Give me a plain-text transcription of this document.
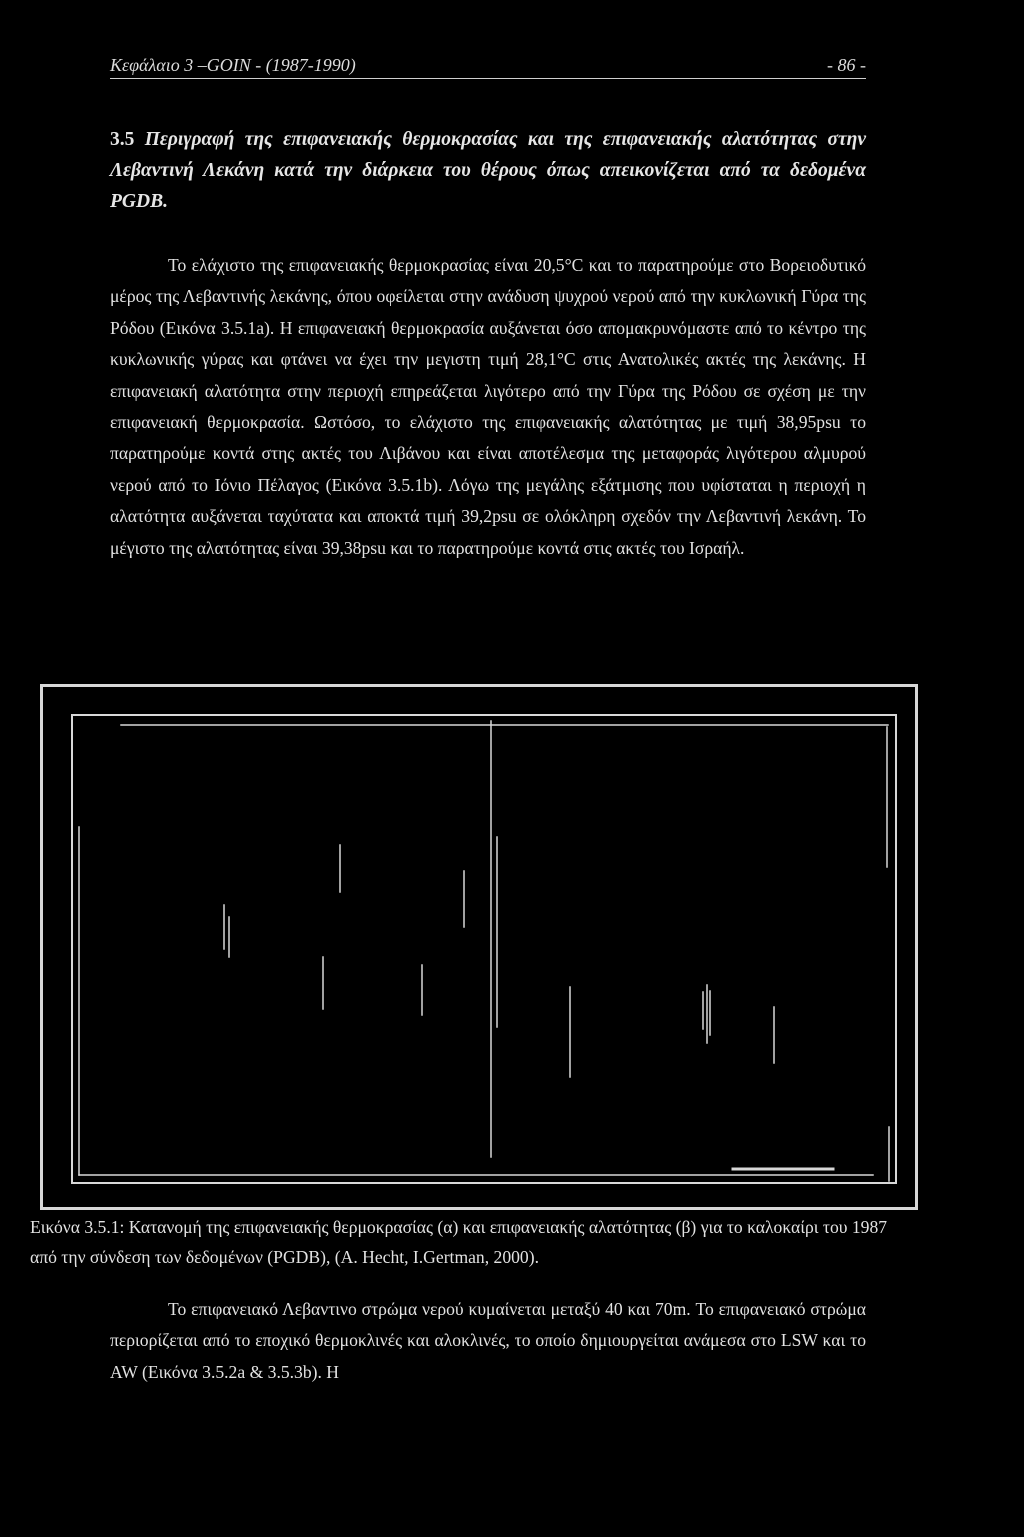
Κεφάλαιο 3 –GOIN - (1987-1990)	- 86 -
3.5 Περιγραφή της επιφανειακής θερμοκρασίας και της επιφανειακής αλατότητας στην Λεβαντινή Λεκάνη κατά την διάρκεια του θέρους όπως απεικονίζεται από τα δεδομένα PGDB.

Το ελάχιστο της επιφανειακής θερμοκρασίας είναι 20,5°C και το παρατηρούμε στο Βορειοδυτικό μέρος της Λεβαντινής λεκάνης, όπου οφείλεται στην ανάδυση ψυχρού νερού από την κυκλωνική Γύρα της Ρόδου (Εικόνα 3.5.1a). Η επιφανειακή θερμοκρασία αυξάνεται όσο απομακρυνόμαστε από το κέντρο της κυκλωνικής γύρας και φτάνει να έχει την μεγιστη τιμή 28,1°C στις Ανατολικές ακτές της λεκάνης. Η επιφανειακή αλατότητα στην περιοχή επηρεάζεται λιγότερο από την Γύρα της Ρόδου σε σχέση με την επιφανειακή θερμοκρασία. Ωστόσο, το ελάχιστο της επιφανειακής αλατότητας με τιμή 38,95psu το παρατηρούμε κοντά στης ακτές του Λιβάνου και είναι αποτέλεσμα της μεταφοράς λιγότερου αλμυρού νερού από το Ιόνιο Πέλαγος (Εικόνα 3.5.1b). Λόγω της μεγάλης εξάτμισης που υφίσταται η περιοχή η αλατότητα αυξάνεται ταχύτατα και αποκτά τιμή 39,2psu σε ολόκληρη σχεδόν την Λεβαντινή λεκάνη. Το μέγιστο της αλατότητας είναι 39,38psu και το παρατηρούμε κοντά στις ακτές του Ισραήλ.

Εικόνα 3.5.1: Κατανομή της επιφανειακής θερμοκρασίας (α) και επιφανειακής αλατότητας (β) για το καλοκαίρι του 1987 από την σύνδεση των δεδομένων (PGDB), (A. Hecht, I.Gertman, 2000).

Το επιφανειακό Λεβαντινο στρώμα νερού κυμαίνεται μεταξύ 40 και 70m. Το επιφανειακό στρώμα περιορίζεται από το εποχικό θερμοκλινές και αλοκλινές, το οποίο δημιουργείται ανάμεσα στο LSW και το AW (Εικόνα 3.5.2a & 3.5.3b). Η
